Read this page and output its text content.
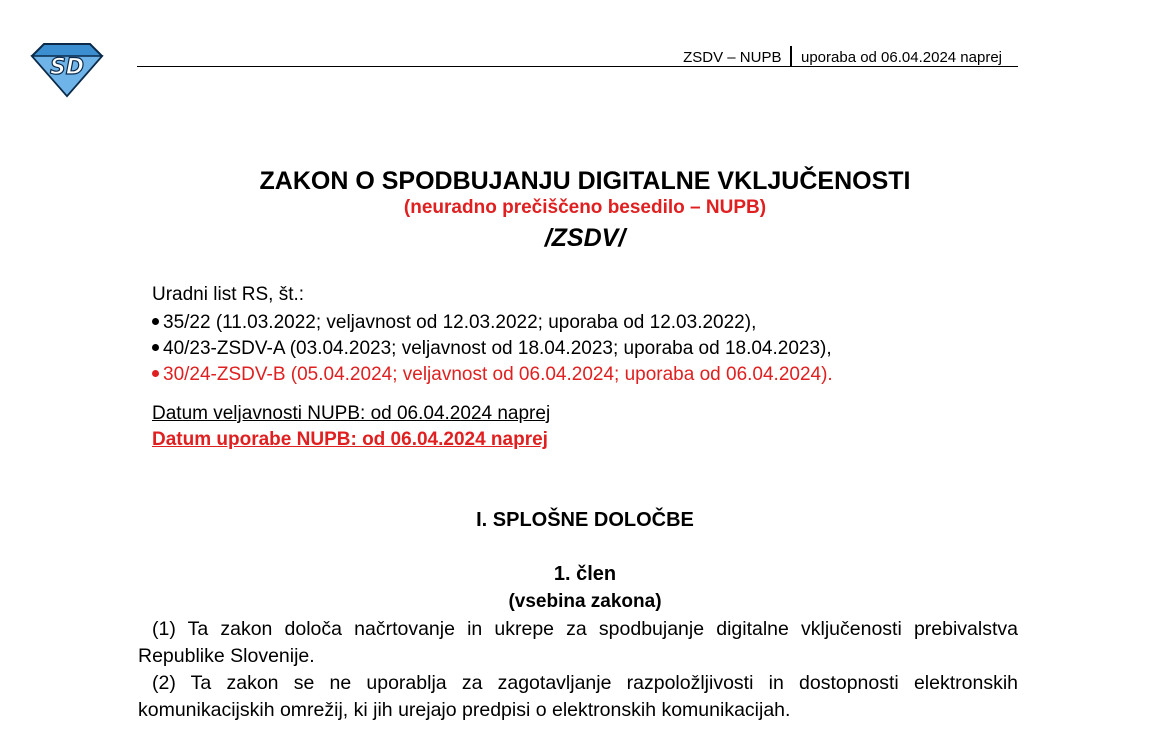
SD	ZSDV – NUPB uporaba od 06.04.2024 naprej
ZAKON O SPODBUJANJU DIGITALNE VKLJUČENOSTI
(neuradno prečiščeno besedilo – NUPB)
/ZSDV/
Uradni list RS, št.:
35/22 (11.03.2022; veljavnost od 12.03.2022; uporaba od 12.03.2022),
40/23-ZSDV-A (03.04.2023; veljavnost od 18.04.2023; uporaba od 18.04.2023),
30/24-ZSDV-B (05.04.2024; veljavnost od 06.04.2024; uporaba od 06.04.2024).
Datum veljavnosti NUPB: od 06.04.2024 naprej
Datum uporabe NUPB: od 06.04.2024 naprej
I. SPLOŠNE DOLOČBE
1. člen
(vsebina zakona)
(1) Ta zakon določa načrtovanje in ukrepe za spodbujanje digitalne vključenosti prebivalstva Republike Slovenije.
(2) Ta zakon se ne uporablja za zagotavljanje razpoložljivosti in dostopnosti elektronskih komunikacijskih omrežij, ki jih urejajo predpisi o elektronskih komunikacijah.
